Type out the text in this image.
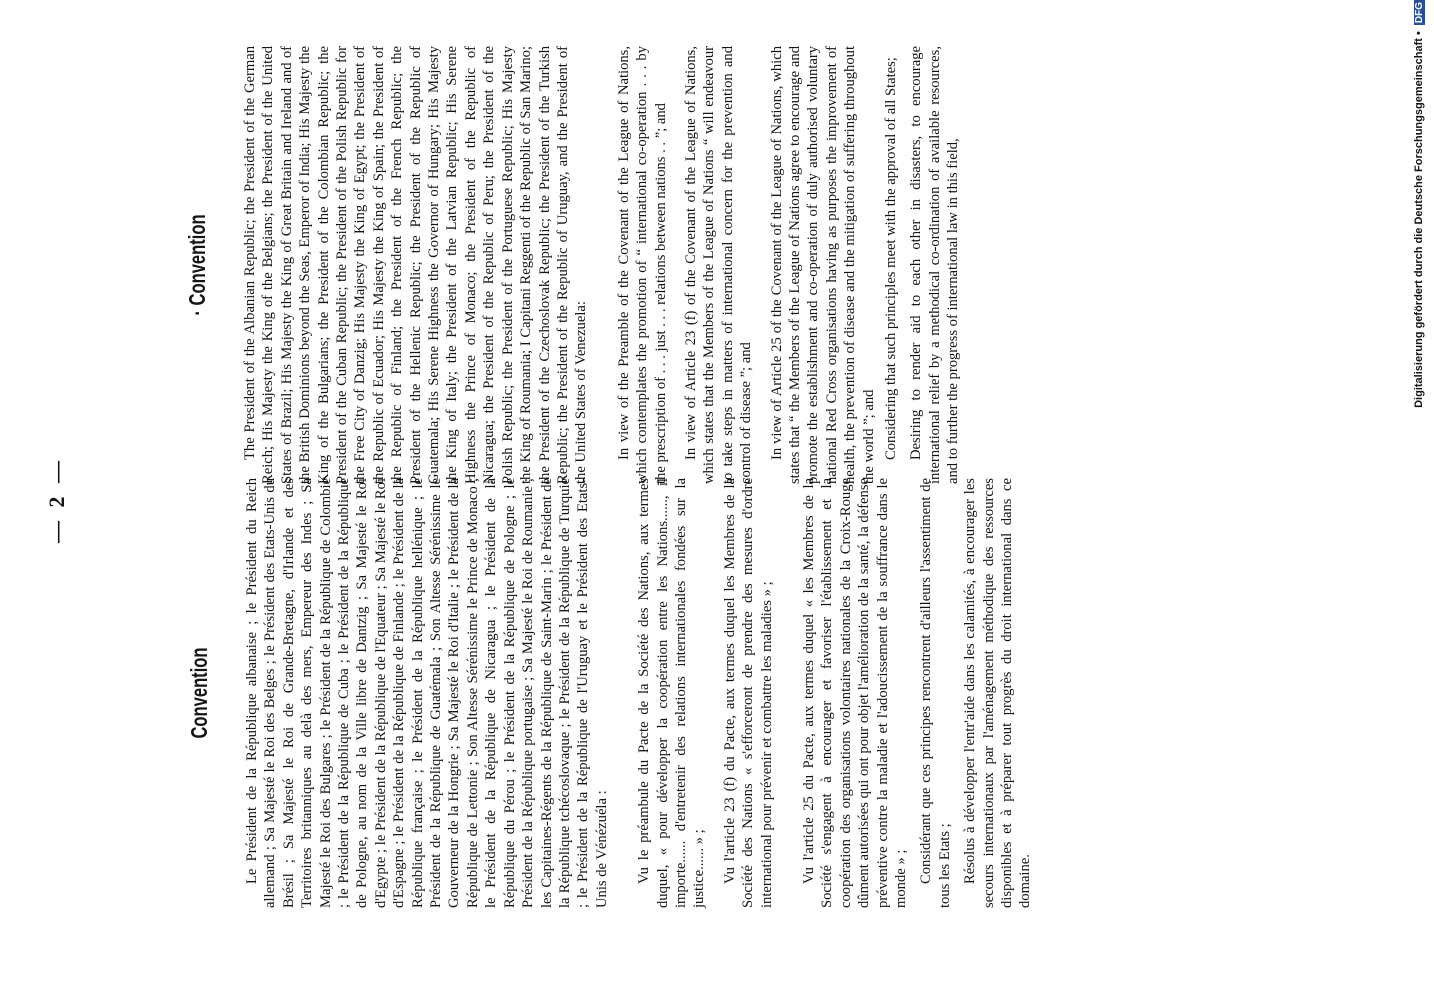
— 2 —
Convention Le Président de la République albanaise ; le Président du Reich allemand ; Sa Majesté le Roi des Belges ; le Président des Etats-Unis du Brésil ; Sa Majesté le Roi de Grande-Bretagne, d'Irlande et des Territoires britanniques au delà des mers, Empereur des Indes ; Sa Majesté le Roi des Bulgares ; le Président de la République de Colombie ; le Président de la République de Cuba ; le Président de la République de Pologne, au nom de la Ville libre de Dantzig ; Sa Majesté le Roi d'Egypte ; le Président de la République de l'Equateur ; Sa Majesté le Roi d'Espagne ; le Président de la République de Finlande ; le Président de la République française ; le Président de la République hellénique ; le Président de la République de Guatémala ; Son Altesse Sérénissime le Gouverneur de la Hongrie ; Sa Majesté le Roi d'Italie ; le Président de la République de Lettonie ; Son Altesse Sérénissime le Prince de Monaco ; le Président de la République de Nicaragua ; le Président de la République du Pérou ; le Président de la République de Pologne ; le Président de la République portugaise ; Sa Majesté le Roi de Roumanie ; les Capitaines-Régents de la République de Saint-Marin ; le Président de la République tchécoslovaque ; le Président de la République de Turquie ; le Président de la République de l'Uruguay et le Président des Etats-Unis de Vénézuéla : Vu le préambule du Pacte de la Société des Nations, aux termes duquel, « pour développer la coopération entre les Nations......, il importe...... d'entretenir des relations internationales fondées sur la justice...... » ; Vu l'article 23 (f) du Pacte, aux termes duquel les Membres de la Société des Nations « s'efforceront de prendre des mesures d'ordre international pour prévenir et combattre les maladies » ; Vu l'article 25 du Pacte, aux termes duquel « les Membres de la Société s'engagent à encourager et favoriser l'établissement et la coopération des organisations volontaires nationales de la Croix-Rouge dûment autorisées qui ont pour objet l'amélioration de la santé, la défense préventive contre la maladie et l'adoucissement de la souffrance dans le monde » ; Considérant que ces principes rencontrent d'ailleurs l'assentiment de tous les Etats ; Résolus à développer l'entr'aide dans les calamités, à encourager les secours internationaux par l'aménagement méthodique des ressources disponibles et à préparer tout progrès du droit international dans ce domaine.

· Convention The President of the Albanian Republic; the President of the German Reich; His Majesty the King of the Belgians; the President of the United States of Brazil; His Majesty the King of Great Britain and Ireland and of the British Dominions beyond the Seas, Emperor of India; His Majesty the King of the Bulgarians; the President of the Colombian Republic; the President of the Cuban Republic; the President of the Polish Republic for the Free City of Danzig; His Majesty the King of Egypt; the President of the Republic of Ecuador; His Majesty the King of Spain; the President of the Republic of Finland; the President of the French Republic; the President of the Hellenic Republic; the President of the Republic of Guatemala; His Serene Highness the Governor of Hungary; His Majesty the King of Italy; the President of the Latvian Republic; His Serene Highness the Prince of Monaco; the President of the Republic of Nicaragua; the President of the Republic of Peru; the President of the Polish Republic; the President of the Portuguese Republic; His Majesty the King of Roumania; I Capitani Reggenti of the Republic of San Marino; the President of the Czechoslovak Republic; the President of the Turkish Republic; the President of the Republic of Uruguay, and the President of the United States of Venezuela: In view of the Preamble of the Covenant of the League of Nations, which contemplates the promotion of “ international co-operation . . . by the prescription of . . . just . . . relations between nations . . ”; and In view of Article 23 (f) of the Covenant of the League of Nations, which states that the Members of the League of Nations “ will endeavour to take steps in matters of international concern for the prevention and control of disease ”; and In view of Article 25 of the Covenant of the League of Nations, which states that “ the Members of the League of Nations agree to encourage and promote the establishment and co-operation of duly authorised voluntary national Red Cross organisations having as purposes the improvement of health, the prevention of disease and the mitigation of suffering throughout the world ”; and Considering that such principles meet with the approval of all States; Desiring to render aid to each other in disasters, to encourage international relief by a methodical co-ordination of available resources, and to further the progress of international law in this field,	Digitalisierung gefördert durch die Deutsche Forschungsgemeinschaft • DFG
